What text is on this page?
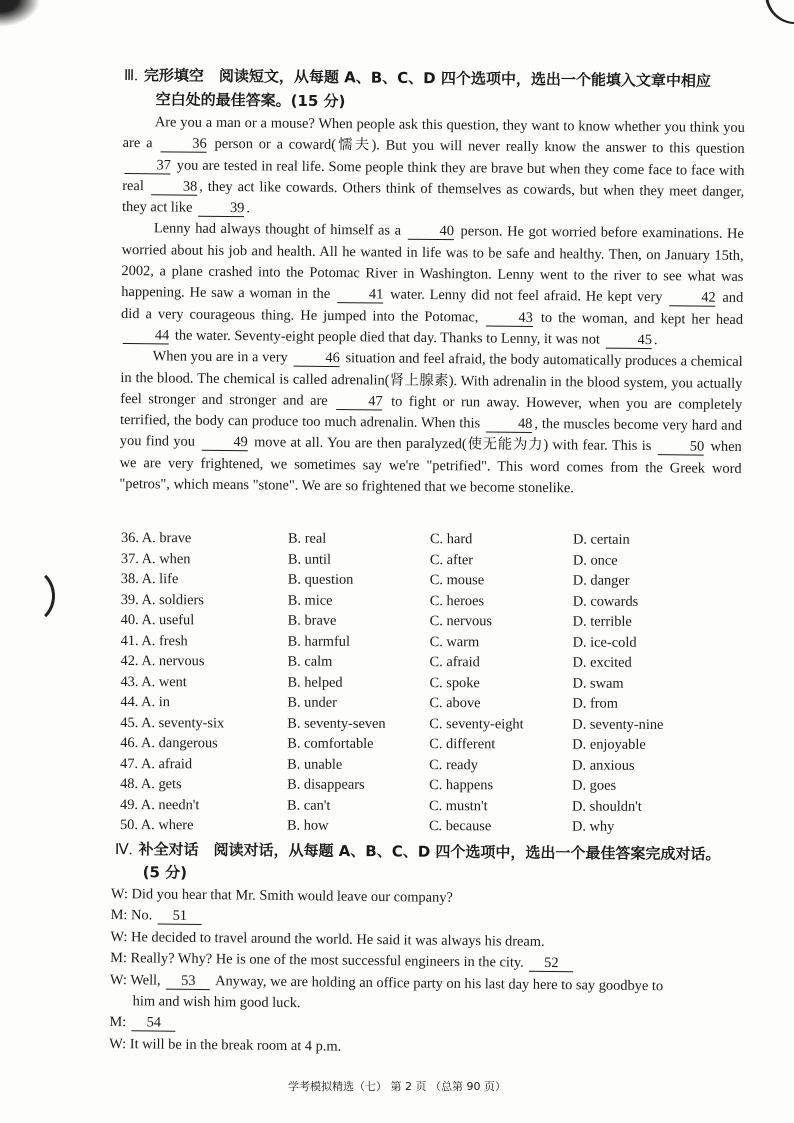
Ⅲ. 完形填空　阅读短文，从每题 A、B、C、D 四个选项中，选出一个能填入文章中相应
空白处的最佳答案。(15 分)

Are you a man or a mouse? When people ask this question, they want to know whether you think you are a	36 person or a coward(懦夫). But you will never really know the answer to this question 37 you are tested in real life. Some people think they are brave but when they come face to face with real	38 , they act like cowards. Others think of themselves as cowards, but when they meet danger, they act like	39 .

Lenny had always thought of himself as a	40 person. He got worried before examinations. He worried about his job and health. All he wanted in life was to be safe and healthy. Then, on January 15th, 2002, a plane crashed into the Potomac River in Washington. Lenny went to the river to see what was happening. He saw a woman in the	41 water. Lenny did not feel afraid. He kept very	42 and did a very courageous thing. He jumped into the Potomac,	43 to the woman, and kept her head 44 the water. Seventy-eight people died that day. Thanks to Lenny, it was not	45 .

When you are in a very	46 situation and feel afraid, the body automatically produces a chemical in the blood. The chemical is called adrenalin(肾上腺素). With adrenalin in the blood system, you actually feel stronger and stronger and are	47 to fight or run away. However, when you are completely terrified, the body can produce too much adrenalin. When this	48 , the muscles become very hard and you find you	49 move at all. You are then paralyzed(使无能为力) with fear. This is	50 when we are very frightened, we sometimes say we're "petrified". This word comes from the Greek word "petros", which means "stone". We are so frightened that we become stonelike.

36. A. brave	B. real	C. hard	D. certain
37. A. when	B. until	C. after	D. once
38. A. life	B. question	C. mouse	D. danger
39. A. soldiers	B. mice	C. heroes	D. cowards
40. A. useful	B. brave	C. nervous	D. terrible
41. A. fresh	B. harmful	C. warm	D. ice-cold
42. A. nervous	B. calm	C. afraid	D. excited
43. A. went	B. helped	C. spoke	D. swam
44. A. in	B. under	C. above	D. from
45. A. seventy-six	B. seventy-seven	C. seventy-eight	D. seventy-nine
46. A. dangerous	B. comfortable	C. different	D. enjoyable
47. A. afraid	B. unable	C. ready	D. anxious
48. A. gets	B. disappears	C. happens	D. goes
49. A. needn't	B. can't	C. mustn't	D. shouldn't
50. A. where	B. how	C. because	D. why
Ⅳ. 补全对话　阅读对话，从每题 A、B、C、D 四个选项中，选出一个最佳答案完成对话。
(5 分)

W: Did you hear that Mr. Smith would leave our company?

M: No. 51

W: He decided to travel around the world. He said it was always his dream.

M: Really? Why? He is one of the most successful engineers in the city. 52

W: Well, 53 Anyway, we are holding an office party on his last day here to say goodbye to

him and wish him good luck.

M: 54

W: It will be in the break room at 4 p.m.

学考模拟精选（七） 第 2 页 （总第 90 页）
